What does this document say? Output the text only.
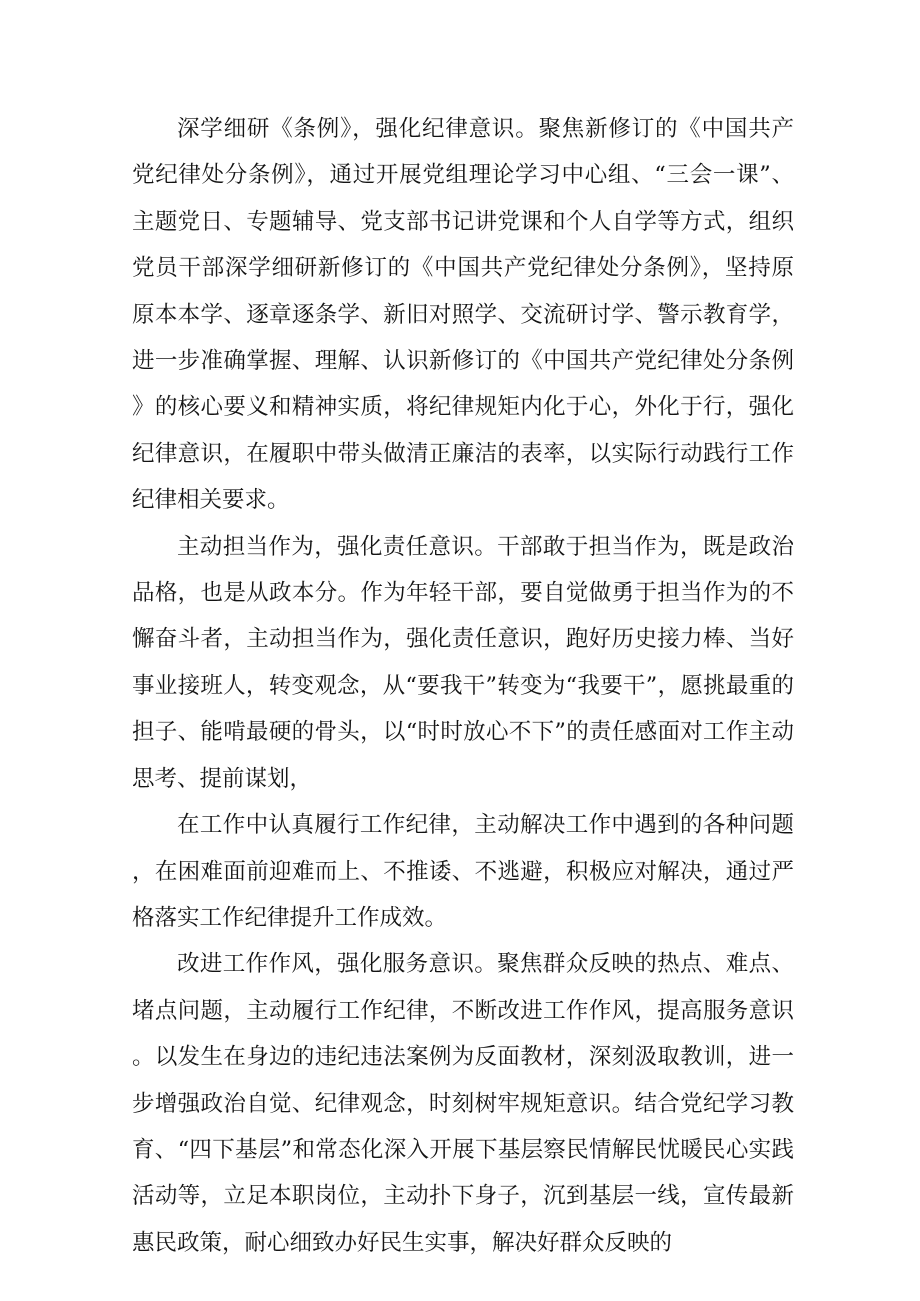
深学细研《条例》，强化纪律意识。聚焦新修订的《中国共产党纪律处分条例》，通过开展党组理论学习中心组、“三会一课”、主题党日、专题辅导、党支部书记讲党课和个人自学等方式，组织党员干部深学细研新修订的《中国共产党纪律处分条例》，坚持原原本本学、逐章逐条学、新旧对照学、交流研讨学、警示教育学，进一步准确掌握、理解、认识新修订的《中国共产党纪律处分条例》的核心要义和精神实质，将纪律规矩内化于心，外化于行，强化纪律意识，在履职中带头做清正廉洁的表率，以实际行动践行工作纪律相关要求。

主动担当作为，强化责任意识。干部敢于担当作为，既是政治品格，也是从政本分。作为年轻干部，要自觉做勇于担当作为的不懈奋斗者，主动担当作为，强化责任意识，跑好历史接力棒、当好事业接班人，转变观念，从“要我干”转变为“我要干”，愿挑最重的担子、能啃最硬的骨头，以“时时放心不下”的责任感面对工作主动思考、提前谋划，

在工作中认真履行工作纪律，主动解决工作中遇到的各种问题，在困难面前迎难而上、不推诿、不逃避，积极应对解决，通过严格落实工作纪律提升工作成效。

改进工作作风，强化服务意识。聚焦群众反映的热点、难点、堵点问题，主动履行工作纪律，不断改进工作作风，提高服务意识。以发生在身边的违纪违法案例为反面教材，深刻汲取教训，进一步增强政治自觉、纪律观念，时刻树牢规矩意识。结合党纪学习教育、“四下基层”和常态化深入开展下基层察民情解民忧暖民心实践活动等，立足本职岗位，主动扑下身子，沉到基层一线，宣传最新惠民政策，耐心细致办好民生实事，解决好群众反映的
